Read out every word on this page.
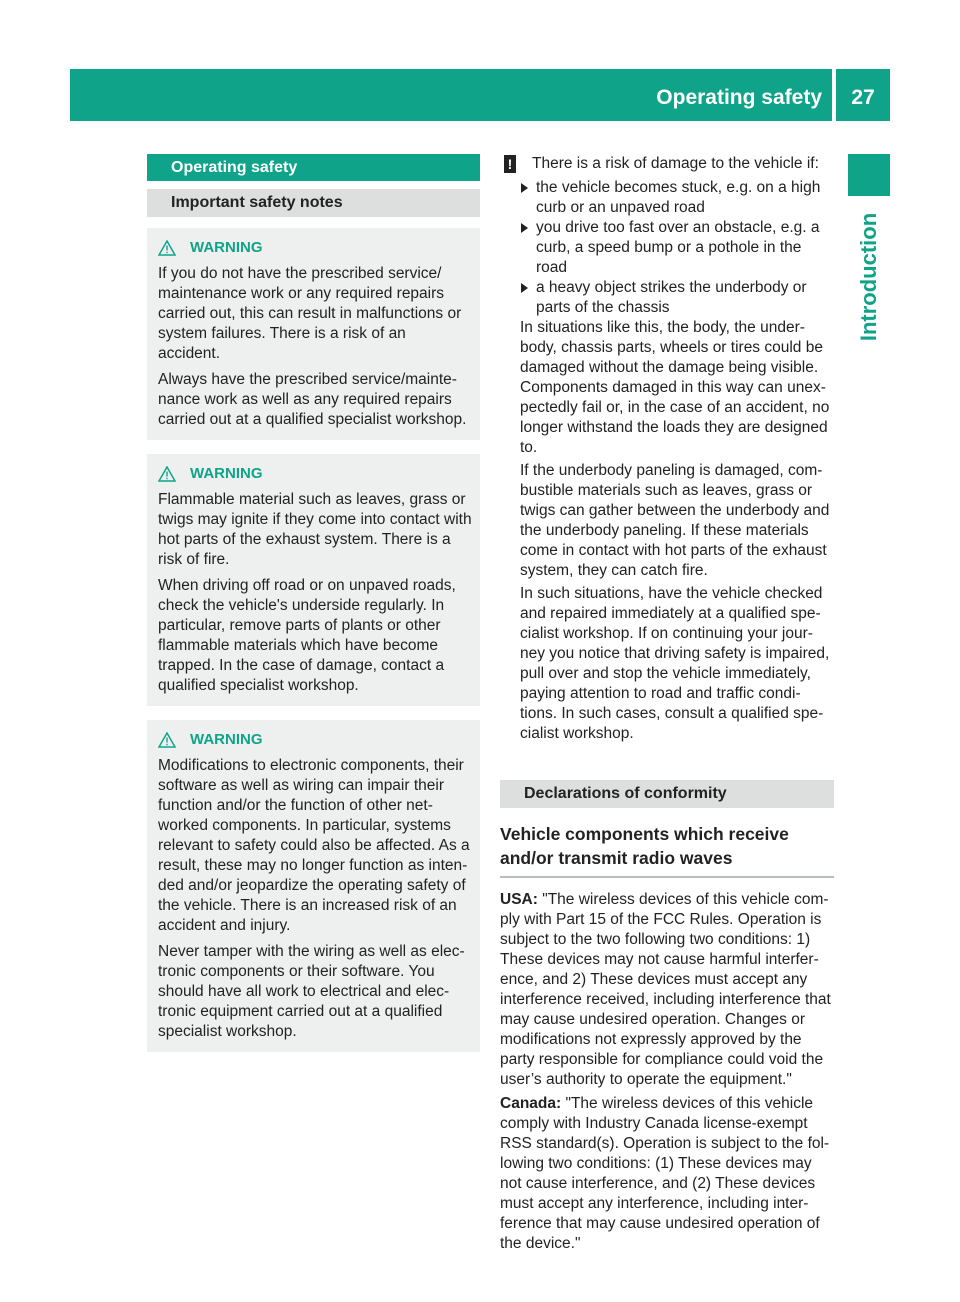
Operating safety	27
Introduction
Operating safety
Important safety notes
WARNING

If you do not have the prescribed service/ maintenance work or any required repairs carried out, this can result in malfunctions or system failures. There is a risk of an accident.

Always have the prescribed service/mainte- nance work as well as any required repairs carried out at a qualified specialist workshop.

WARNING

Flammable material such as leaves, grass or twigs may ignite if they come into contact with hot parts of the exhaust system. There is a risk of fire.

When driving off road or on unpaved roads, check the vehicle's underside regularly. In particular, remove parts of plants or other flammable materials which have become trapped. In the case of damage, contact a qualified specialist workshop.

WARNING

Modifications to electronic components, their software as well as wiring can impair their function and/or the function of other net- worked components. In particular, systems relevant to safety could also be affected. As a result, these may no longer function as inten- ded and/or jeopardize the operating safety of the vehicle. There is an increased risk of an accident and injury.

Never tamper with the wiring as well as elec- tronic components or their software. You should have all work to electrical and elec- tronic equipment carried out at a qualified specialist workshop.

! There is a risk of damage to the vehicle if:
the vehicle becomes stuck, e.g. on a high curb or an unpaved road
you drive too fast over an obstacle, e.g. a curb, a speed bump or a pothole in the road
a heavy object strikes the underbody or parts of the chassis

In situations like this, the body, the under- body, chassis parts, wheels or tires could be damaged without the damage being visible. Components damaged in this way can unex- pectedly fail or, in the case of an accident, no longer withstand the loads they are designed to.

If the underbody paneling is damaged, com- bustible materials such as leaves, grass or twigs can gather between the underbody and the underbody paneling. If these materials come in contact with hot parts of the exhaust system, they can catch fire.

In such situations, have the vehicle checked and repaired immediately at a qualified spe- cialist workshop. If on continuing your jour- ney you notice that driving safety is impaired, pull over and stop the vehicle immediately, paying attention to road and traffic condi- tions. In such cases, consult a qualified spe- cialist workshop.

Declarations of conformity
Vehicle components which receive and/or transmit radio waves

USA: "The wireless devices of this vehicle com- ply with Part 15 of the FCC Rules. Operation is subject to the two following two conditions: 1) These devices may not cause harmful interfer- ence, and 2) These devices must accept any interference received, including interference that may cause undesired operation. Changes or modifications not expressly approved by the party responsible for compliance could void the user’s authority to operate the equipment."

Canada: "The wireless devices of this vehicle comply with Industry Canada license-exempt RSS standard(s). Operation is subject to the fol- lowing two conditions: (1) These devices may not cause interference, and (2) These devices must accept any interference, including inter- ference that may cause undesired operation of the device."
